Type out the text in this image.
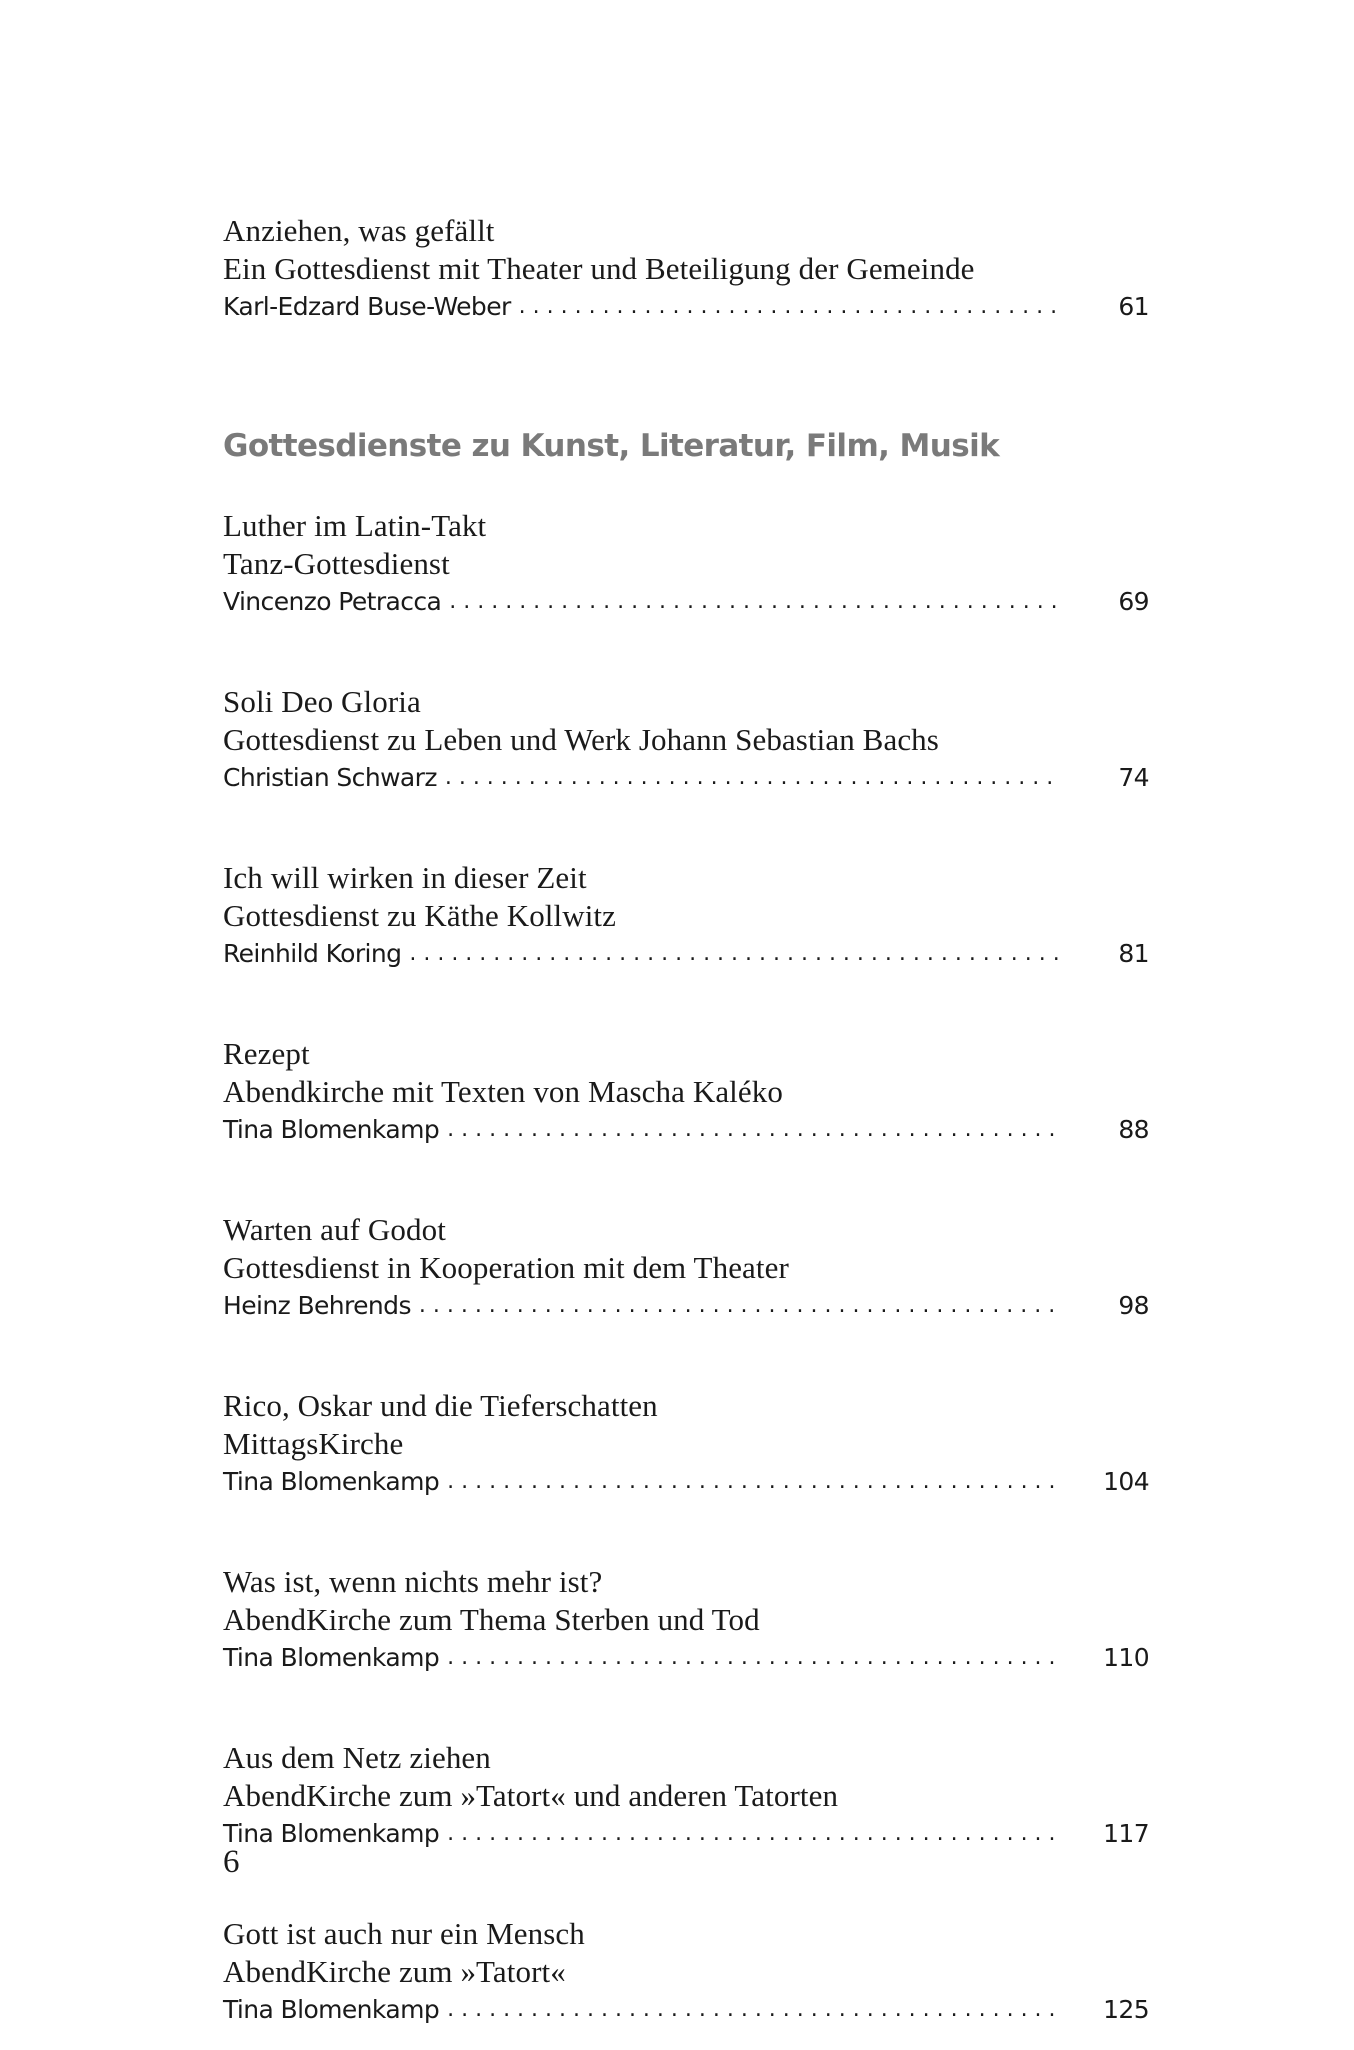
Anziehen, was gefällt
Ein Gottesdienst mit Theater und Beteiligung der Gemeinde
Karl-Edzard Buse-Weber . . .	61
Gottesdienste zu Kunst, Literatur, Film, Musik
Luther im Latin-Takt
Tanz-Gottesdienst
Vincenzo Petracca . . .	69
Soli Deo Gloria
Gottesdienst zu Leben und Werk Johann Sebastian Bachs
Christian Schwarz . . .	74
Ich will wirken in dieser Zeit
Gottesdienst zu Käthe Kollwitz
Reinhild Koring . . .	81
Rezept
Abendkirche mit Texten von Mascha Kaléko
Tina Blomenkamp . . .	88
Warten auf Godot
Gottesdienst in Kooperation mit dem Theater
Heinz Behrends . . .	98
Rico, Oskar und die Tieferschatten
MittagsKirche
Tina Blomenkamp . . .	104
Was ist, wenn nichts mehr ist?
AbendKirche zum Thema Sterben und Tod
Tina Blomenkamp . . .	110
Aus dem Netz ziehen
AbendKirche zum »Tatort« und anderen Tatorten
Tina Blomenkamp . . .	117
Gott ist auch nur ein Mensch
AbendKirche zum »Tatort«
Tina Blomenkamp . . .	125
6
